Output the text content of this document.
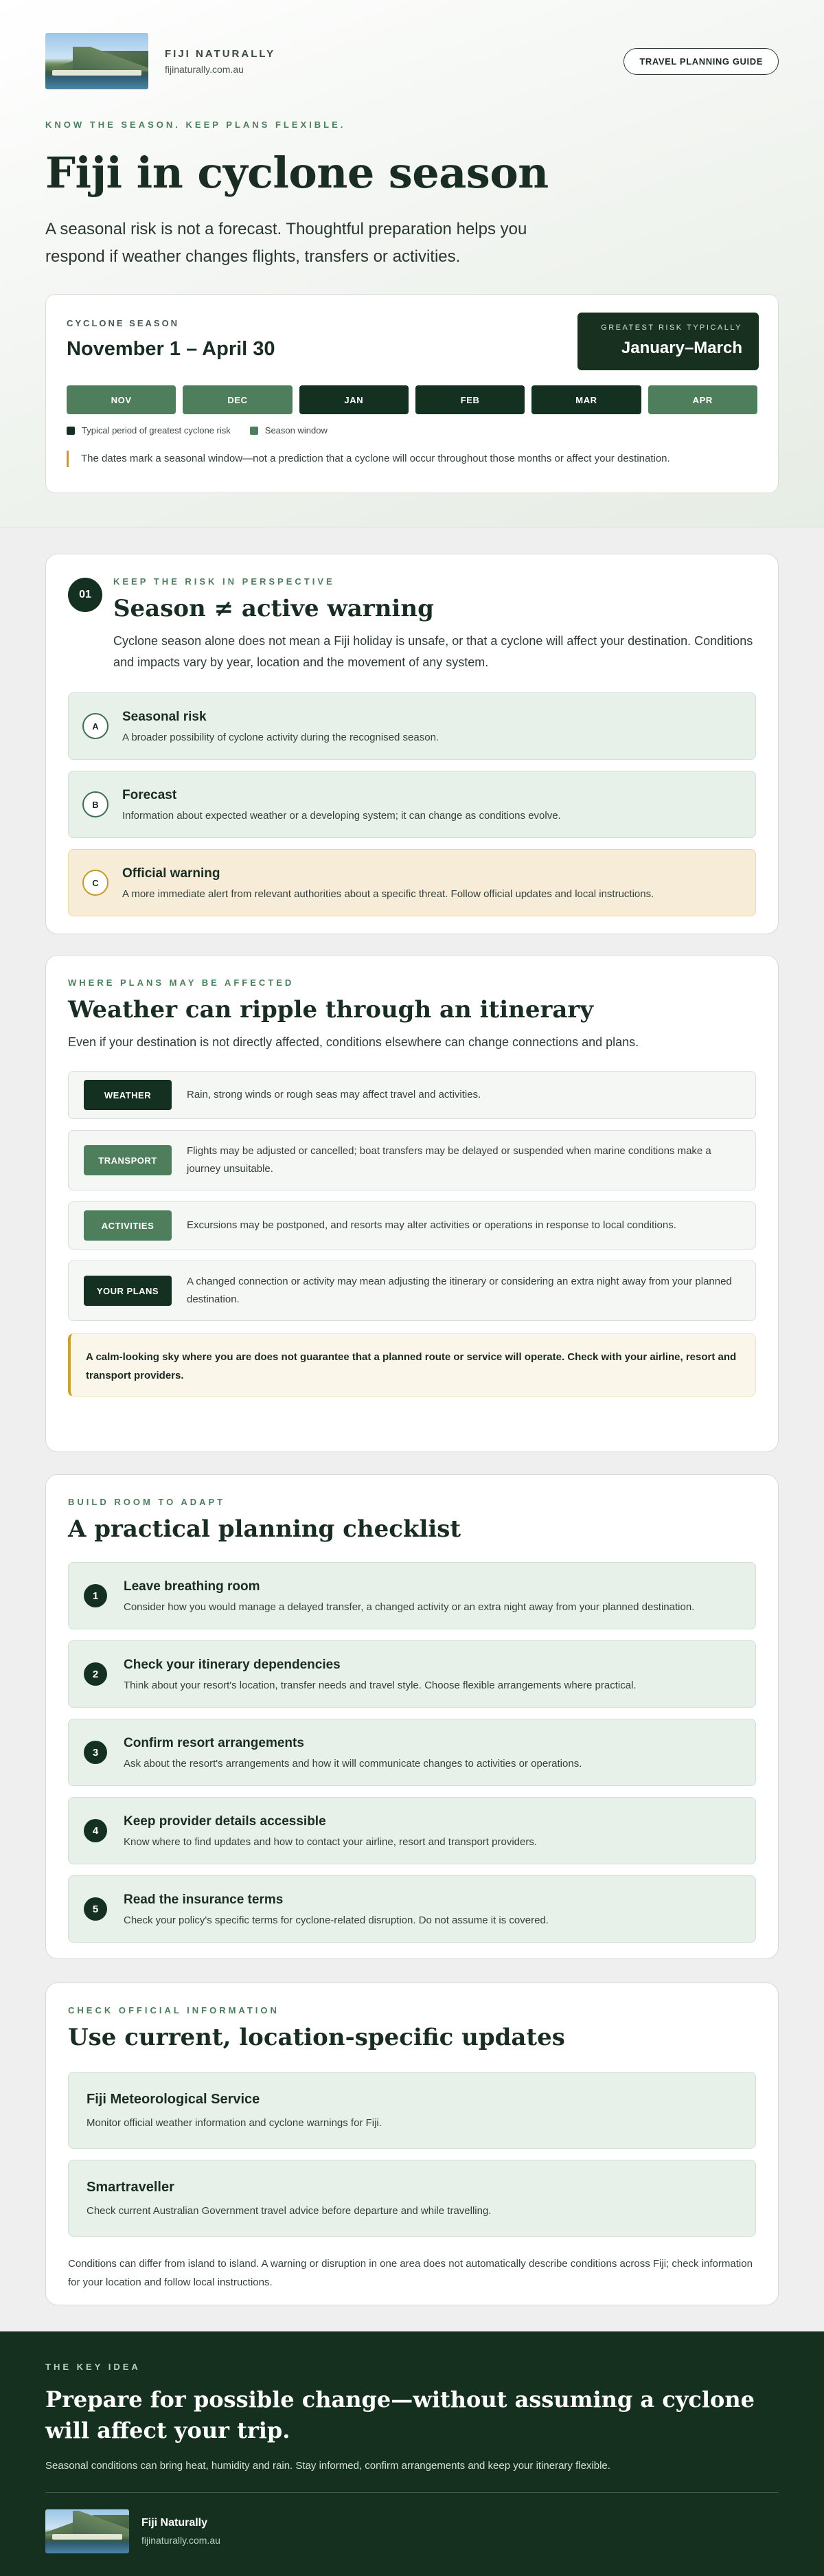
FIJI NATURALLY
fijinaturally.com.au
TRAVEL PLANNING GUIDE
KNOW THE SEASON. KEEP PLANS FLEXIBLE.
Fiji in cyclone season

A seasonal risk is not a forecast. Thoughtful preparation helps you respond if weather changes flights, transfers or activities.

CYCLONE SEASON
November 1 – April 30
GREATEST RISK TYPICALLY
January–March
NOV	DEC	JAN	FEB	MAR	APR
Typical period of greatest cyclone risk	Season window
The dates mark a seasonal window—not a prediction that a cyclone will occur throughout those months or affect your destination.
01
KEEP THE RISK IN PERSPECTIVE
Season ≠ active warning

Cyclone season alone does not mean a Fiji holiday is unsafe, or that a cyclone will affect your destination. Conditions and impacts vary by year, location and the movement of any system.

A
Seasonal risk
A broader possibility of cyclone activity during the recognised season.
B
Forecast
Information about expected weather or a developing system; it can change as conditions evolve.
C
Official warning
A more immediate alert from relevant authorities about a specific threat. Follow official updates and local instructions.
WHERE PLANS MAY BE AFFECTED
Weather can ripple through an itinerary

Even if your destination is not directly affected, conditions elsewhere can change connections and plans.

WEATHER	Rain, strong winds or rough seas may affect travel and activities.
TRANSPORT
Flights may be adjusted or cancelled; boat transfers may be delayed or suspended when marine conditions make a journey unsuitable.
ACTIVITIES	Excursions may be postponed, and resorts may alter activities or operations in response to local conditions.
YOUR PLANS
A changed connection or activity may mean adjusting the itinerary or considering an extra night away from your planned destination.
A calm-looking sky where you are does not guarantee that a planned route or service will operate. Check with your airline, resort and transport providers.
BUILD ROOM TO ADAPT
A practical planning checklist
1
Leave breathing room
Consider how you would manage a delayed transfer, a changed activity or an extra night away from your planned destination.
2
Check your itinerary dependencies
Think about your resort's location, transfer needs and travel style. Choose flexible arrangements where practical.
3
Confirm resort arrangements
Ask about the resort's arrangements and how it will communicate changes to activities or operations.
4
Keep provider details accessible
Know where to find updates and how to contact your airline, resort and transport providers.
5
Read the insurance terms
Check your policy's specific terms for cyclone-related disruption. Do not assume it is covered.
CHECK OFFICIAL INFORMATION
Use current, location-specific updates
Fiji Meteorological Service
Monitor official weather information and cyclone warnings for Fiji.
Smartraveller
Check current Australian Government travel advice before departure and while travelling.

Conditions can differ from island to island. A warning or disruption in one area does not automatically describe conditions across Fiji; check information for your location and follow local instructions.

THE KEY IDEA
Prepare for possible change—without assuming a cyclone will affect your trip.
Seasonal conditions can bring heat, humidity and rain. Stay informed, confirm arrangements and keep your itinerary flexible.
Fiji Naturally
fijinaturally.com.au
